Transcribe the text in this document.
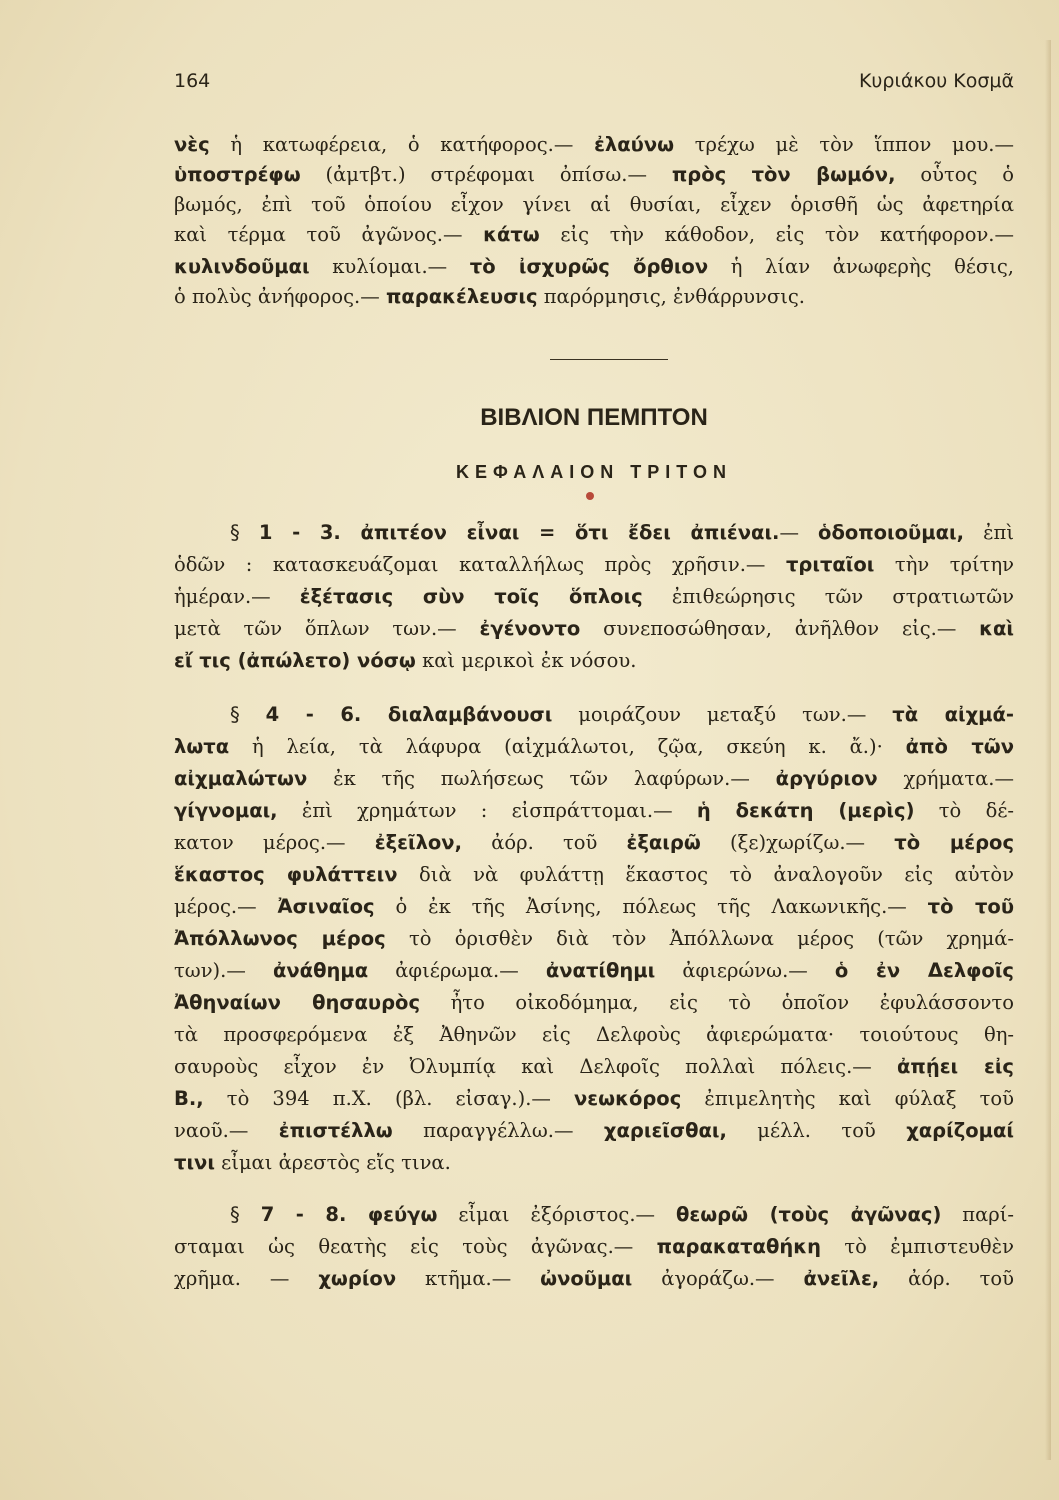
164	Κυριάκου Κοσμᾶ
νὲς ἡ κατωφέρεια, ὁ κατήφορος.— ἐλαύνω τρέχω μὲ τὸν ἵππον μου.—
ὑποστρέφω (ἀμτβτ.) στρέφομαι ὀπίσω.— πρὸς τὸν βωμόν, οὗτος ὁ
βωμός, ἐπὶ τοῦ ὁποίου εἶχον γίνει αἱ θυσίαι, εἶχεν ὁρισθῆ ὡς ἀφετηρία
καὶ τέρμα τοῦ ἀγῶνος.— κάτω εἰς τὴν κάθοδον, εἰς τὸν κατήφορον.—
κυλινδοῦμαι κυλίομαι.— τὸ ἰσχυρῶς ὄρθιον ἡ λίαν ἀνωφερὴς θέσις,
ὁ πολὺς ἀνήφορος.— παρακέλευσις παρόρμησις, ἐνθάρρυνσις.
§ 1 - 3. ἀπιτέον εἶναι = ὅτι ἔδει ἀπιέναι.— ὁδοποιοῦμαι, ἐπὶ
ὁδῶν : κατασκευάζομαι καταλλήλως πρὸς χρῆσιν.— τριταῖοι τὴν τρίτην
ἡμέραν.— ἐξέτασις σὺν τοῖς ὅπλοις ἐπιθεώρησις τῶν στρατιωτῶν
μετὰ τῶν ὅπλων των.— ἐγένοντο συνεποσώθησαν, ἀνῆλθον εἰς.— καὶ
εἴ τις (ἀπώλετο) νόσῳ καὶ μερικοὶ ἐκ νόσου.
§ 4 - 6. διαλαμβάνουσι μοιράζουν μεταξύ των.— τὰ αἰχμά-
λωτα ἡ λεία, τὰ λάφυρα (αἰχμάλωτοι, ζῷα, σκεύη κ. ἄ.)· ἀπὸ τῶν
αἰχμαλώτων ἐκ τῆς πωλήσεως τῶν λαφύρων.— ἀργύριον χρήματα.—
γίγνομαι, ἐπὶ χρημάτων : εἰσπράττομαι.— ἡ δεκάτη (μερὶς) τὸ δέ-
κατον μέρος.— ἐξεῖλον, ἀόρ. τοῦ ἐξαιρῶ (ξε)χωρίζω.— τὸ μέρος
ἕκαστος φυλάττειν διὰ νὰ φυλάττῃ ἕκαστος τὸ ἀναλογοῦν εἰς αὐτὸν
μέρος.— Ἀσιναῖος ὁ ἐκ τῆς Ἀσίνης, πόλεως τῆς Λακωνικῆς.— τὸ τοῦ
Ἀπόλλωνος μέρος τὸ ὁρισθὲν διὰ τὸν Ἀπόλλωνα μέρος (τῶν χρημά-
των).— ἀνάθημα ἀφιέρωμα.— ἀνατίθημι ἀφιερώνω.— ὁ ἐν Δελφοῖς
Ἀθηναίων θησαυρὸς ἦτο οἰκοδόμημα, εἰς τὸ ὁποῖον ἐφυλάσσοντο
τὰ προσφερόμενα ἐξ Ἀθηνῶν εἰς Δελφοὺς ἀφιερώματα· τοιούτους θη-
σαυροὺς εἶχον ἐν Ὀλυμπίᾳ καὶ Δελφοῖς πολλαὶ πόλεις.— ἀπῄει εἰς
Β., τὸ 394 π.Χ. (βλ. εἰσαγ.).— νεωκόρος ἐπιμελητὴς καὶ φύλαξ τοῦ
ναοῦ.— ἐπιστέλλω παραγγέλλω.— χαριεῖσθαι, μέλλ. τοῦ χαρίζομαί
τινι εἶμαι ἀρεστὸς εἴς τινα.
§ 7 - 8. φεύγω εἶμαι ἐξόριστος.— θεωρῶ (τοὺς ἀγῶνας) παρί-
σταμαι ὡς θεατὴς εἰς τοὺς ἀγῶνας.— παρακαταθήκη τὸ ἐμπιστευθὲν
χρῆμα. — χωρίον κτῆμα.— ὠνοῦμαι ἀγοράζω.— ἀνεῖλε, ἀόρ. τοῦ
ΒΙΒΛΙΟΝ ΠΕΜΠΤΟΝ
ΚΕΦΑΛΑΙΟΝ ΤΡΙΤΟΝ
